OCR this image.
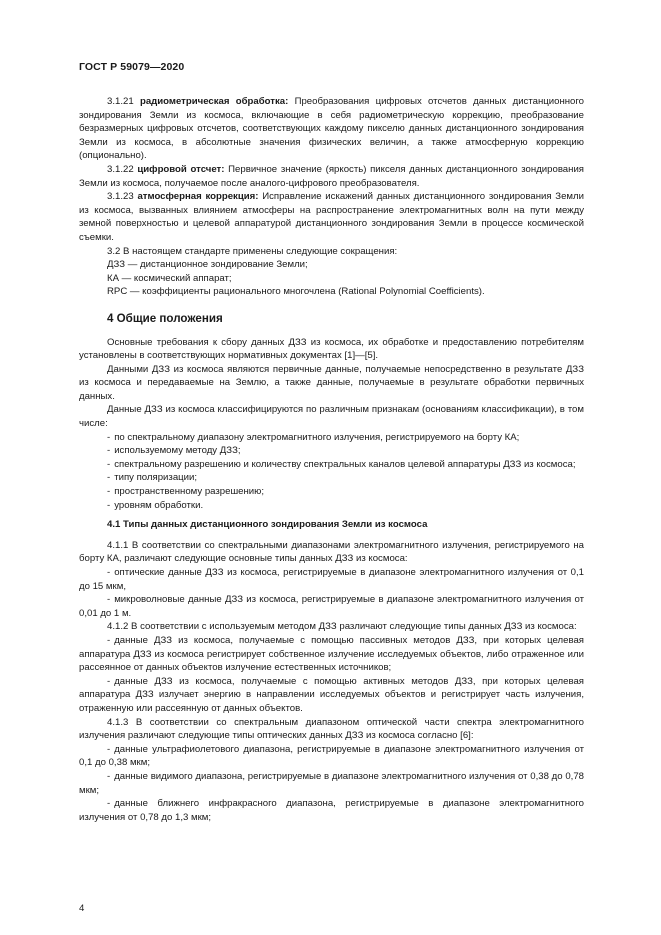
ГОСТ Р 59079—2020

3.1.21 радиометрическая обработка: Преобразования цифровых отсчетов данных дистанционного зондирования Земли из космоса, включающие в себя радиометрическую коррекцию, преобразование безразмерных цифровых отсчетов, соответствующих каждому пикселю данных дистанционного зондирования Земли из космоса, в абсолютные значения физических величин, а также атмосферную коррекцию (опционально).

3.1.22 цифровой отсчет: Первичное значение (яркость) пикселя данных дистанционного зондирования Земли из космоса, получаемое после аналого-цифрового преобразователя.

3.1.23 атмосферная коррекция: Исправление искажений данных дистанционного зондирования Земли из космоса, вызванных влиянием атмосферы на распространение электромагнитных волн на пути между земной поверхностью и целевой аппаратурой дистанционного зондирования Земли в процессе космической съемки.

3.2 В настоящем стандарте применены следующие сокращения:

ДЗЗ — дистанционное зондирование Земли;

КА — космический аппарат;

RPC — коэффициенты рационального многочлена (Rational Polynomial Coefficients).

4 Общие положения

Основные требования к сбору данных ДЗЗ из космоса, их обработке и предоставлению потребителям установлены в соответствующих нормативных документах [1]—[5].

Данными ДЗЗ из космоса являются первичные данные, получаемые непосредственно в результате ДЗЗ из космоса и передаваемые на Землю, а также данные, получаемые в результате обработки первичных данных.

Данные ДЗЗ из космоса классифицируются по различным признакам (основаниям классификации), в том числе:

- по спектральному диапазону электромагнитного излучения, регистрируемого на борту КА;

- используемому методу ДЗЗ;

- спектральному разрешению и количеству спектральных каналов целевой аппаратуры ДЗЗ из космоса;

- типу поляризации;

- пространственному разрешению;

- уровням обработки.

4.1 Типы данных дистанционного зондирования Земли из космоса

4.1.1 В соответствии со спектральными диапазонами электромагнитного излучения, регистрируемого на борту КА, различают следующие основные типы данных ДЗЗ из космоса:

- оптические данные ДЗЗ из космоса, регистрируемые в диапазоне электромагнитного излучения от 0,1 до 15 мкм,

- микроволновые данные ДЗЗ из космоса, регистрируемые в диапазоне электромагнитного излучения от 0,01 до 1 м.

4.1.2 В соответствии с используемым методом ДЗЗ различают следующие типы данных ДЗЗ из космоса:

- данные ДЗЗ из космоса, получаемые с помощью пассивных методов ДЗЗ, при которых целевая аппаратура ДЗЗ из космоса регистрирует собственное излучение исследуемых объектов, либо отраженное или рассеянное от данных объектов излучение естественных источников;

- данные ДЗЗ из космоса, получаемые с помощью активных методов ДЗЗ, при которых целевая аппаратура ДЗЗ излучает энергию в направлении исследуемых объектов и регистрирует часть излучения, отраженную или рассеянную от данных объектов.

4.1.3 В соответствии со спектральным диапазоном оптической части спектра электромагнитного излучения различают следующие типы оптических данных ДЗЗ из космоса согласно [6]:

- данные ультрафиолетового диапазона, регистрируемые в диапазоне электромагнитного излучения от 0,1 до 0,38 мкм;

- данные видимого диапазона, регистрируемые в диапазоне электромагнитного излучения от 0,38 до 0,78 мкм;

- данные ближнего инфракрасного диапазона, регистрируемые в диапазоне электромагнитного излучения от 0,78 до 1,3 мкм;

4
